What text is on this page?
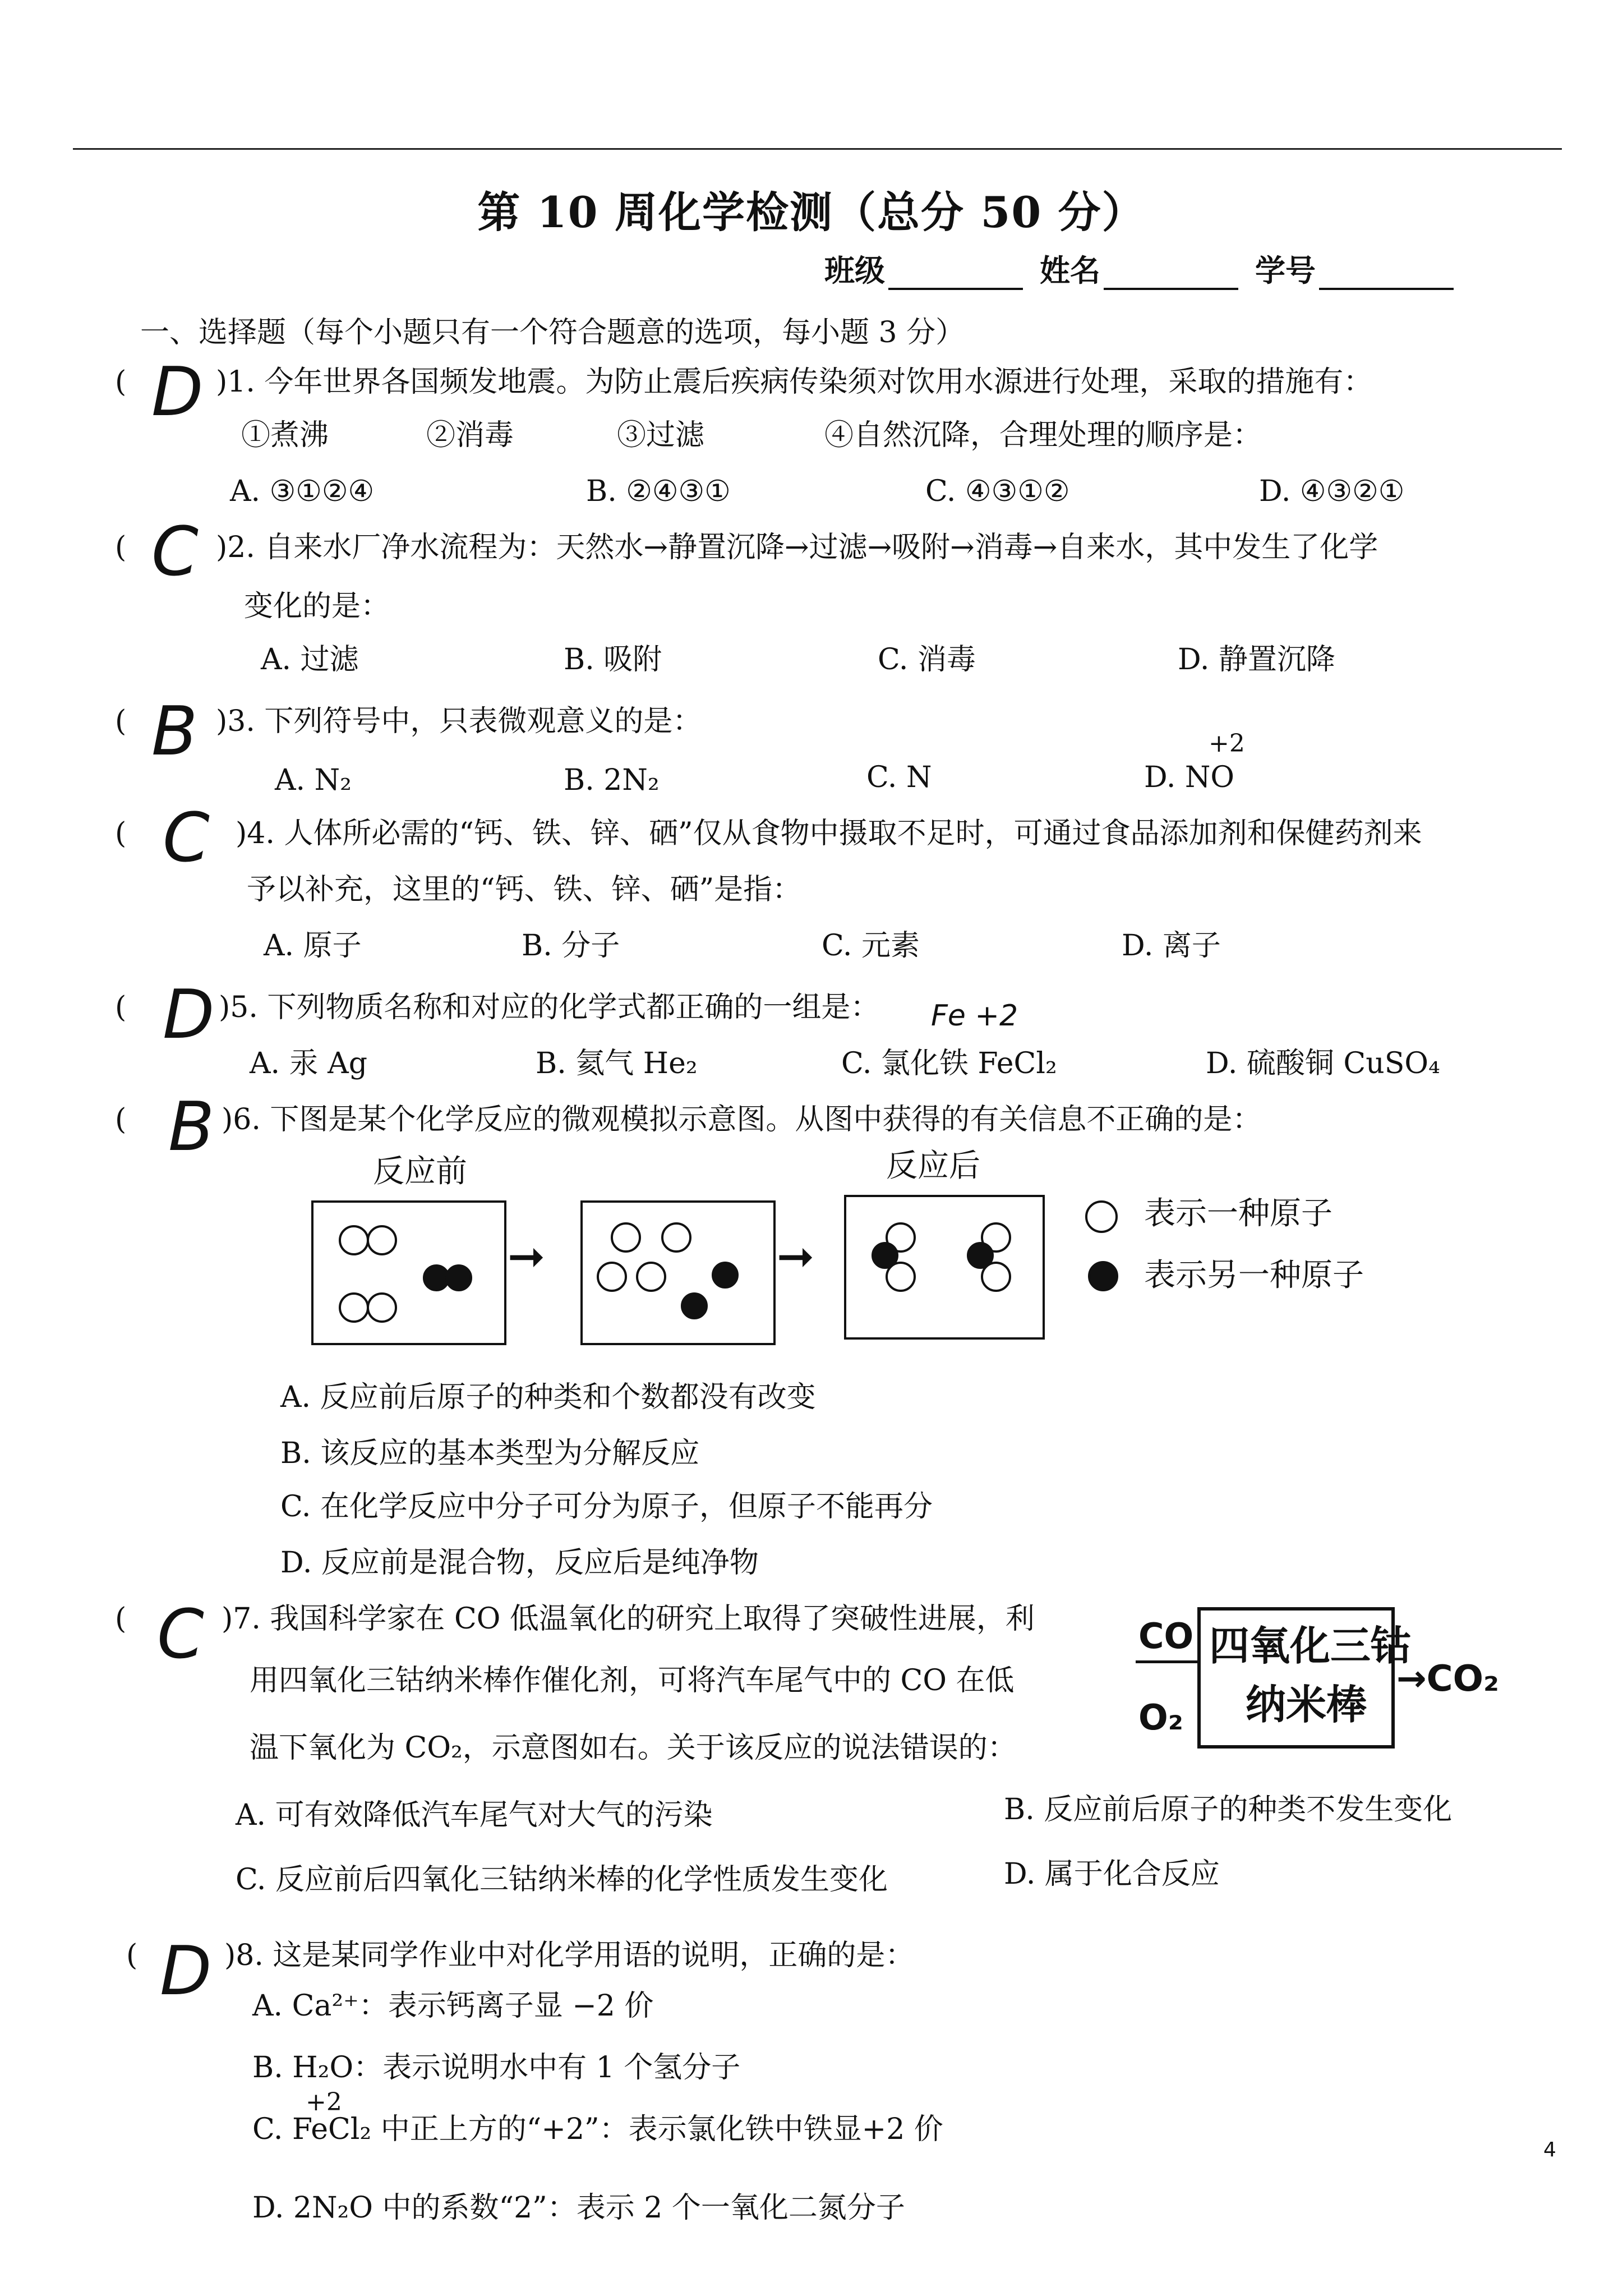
第 10 周化学检测（总分 50 分）
班级	姓名	学号
一、选择题（每个小题只有一个符合题意的选项，每小题 3 分）
( D )1. 今年世界各国频发地震。为防止震后疾病传染须对饮用水源进行处理，采取的措施有：
①煮沸	②消毒	③过滤	④自然沉降，合理处理的顺序是：
A. ③①②④	B. ②④③①	C. ④③①②	D. ④③②①
( C )2. 自来水厂净水流程为：天然水→静置沉降→过滤→吸附→消毒→自来水，其中发生了化学
变化的是：
A. 过滤	B. 吸附	C. 消毒	D. 静置沉降
( B )3. 下列符号中，只表微观意义的是：
A. N₂	B. 2N₂	C. N
+2
D. NO
( C )4. 人体所必需的“钙、铁、锌、硒”仅从食物中摄取不足时，可通过食品添加剂和保健药剂来
予以补充，这里的“钙、铁、锌、硒”是指：
A. 原子	B. 分子	C. 元素	D. 离子
( D )5. 下列物质名称和对应的化学式都正确的一组是： Fe +2
A. 汞 Ag	B. 氦气 He₂	C. 氯化铁 FeCl₂	D. 硫酸铜 CuSO₄
( B )6. 下图是某个化学反应的微观模拟示意图。从图中获得的有关信息不正确的是：
反应前	反应后
➞	➞
表示一种原子
表示另一种原子
A. 反应前后原子的种类和个数都没有改变
B. 该反应的基本类型为分解反应
C. 在化学反应中分子可分为原子，但原子不能再分
D. 反应前是混合物，反应后是纯净物
( C )7. 我国科学家在 CO 低温氧化的研究上取得了突破性进展，利
用四氧化三钴纳米棒作催化剂，可将汽车尾气中的 CO 在低
温下氧化为 CO₂，示意图如右。关于该反应的说法错误的：
CO
O₂
四氧化三钴
纳米棒
→CO₂
A. 可有效降低汽车尾气对大气的污染	B. 反应前后原子的种类不发生变化
C. 反应前后四氧化三钴纳米棒的化学性质发生变化	D. 属于化合反应
( D )8. 这是某同学作业中对化学用语的说明，正确的是：
A. Ca²⁺：表示钙离子显 −2 价
B. H₂O：表示说明水中有 1 个氢分子
+2
C. FeCl₂ 中正上方的“+2”：表示氯化铁中铁显+2 价
D. 2N₂O 中的系数“2”：表示 2 个一氧化二氮分子
4
